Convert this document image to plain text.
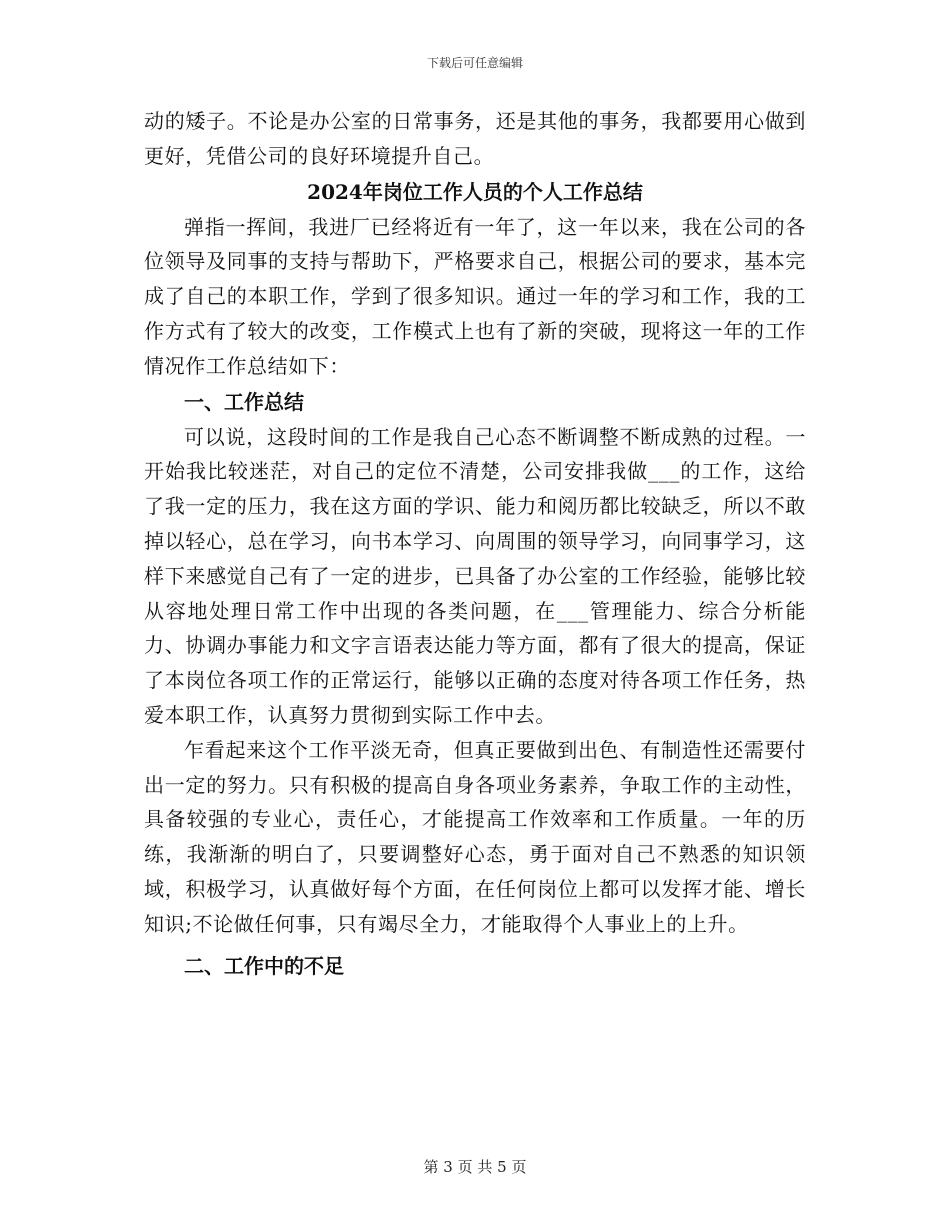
下载后可任意编辑

动的矮子。不论是办公室的日常事务，还是其他的事务，我都要用心做到更好，凭借公司的良好环境提升自己。

2024年岗位工作人员的个人工作总结

弹指一挥间，我进厂已经将近有一年了，这一年以来，我在公司的各位领导及同事的支持与帮助下，严格要求自己，根据公司的要求，基本完成了自己的本职工作，学到了很多知识。通过一年的学习和工作，我的工作方式有了较大的改变，工作模式上也有了新的突破，现将这一年的工作情况作工作总结如下：

一、工作总结

可以说，这段时间的工作是我自己心态不断调整不断成熟的过程。一开始我比较迷茫，对自己的定位不清楚，公司安排我做___的工作，这给了我一定的压力，我在这方面的学识、能力和阅历都比较缺乏，所以不敢掉以轻心，总在学习，向书本学习、向周围的领导学习，向同事学习，这样下来感觉自己有了一定的进步，已具备了办公室的工作经验，能够比较从容地处理日常工作中出现的各类问题，在___管理能力、综合分析能力、协调办事能力和文字言语表达能力等方面，都有了很大的提高，保证了本岗位各项工作的正常运行，能够以正确的态度对待各项工作任务，热爱本职工作，认真努力贯彻到实际工作中去。

乍看起来这个工作平淡无奇，但真正要做到出色、有制造性还需要付出一定的努力。只有积极的提高自身各项业务素养，争取工作的主动性，具备较强的专业心，责任心，才能提高工作效率和工作质量。一年的历练，我渐渐的明白了，只要调整好心态，勇于面对自己不熟悉的知识领域，积极学习，认真做好每个方面，在任何岗位上都可以发挥才能、增长知识;不论做任何事，只有竭尽全力，才能取得个人事业上的上升。

二、工作中的不足

第 3 页 共 5 页
